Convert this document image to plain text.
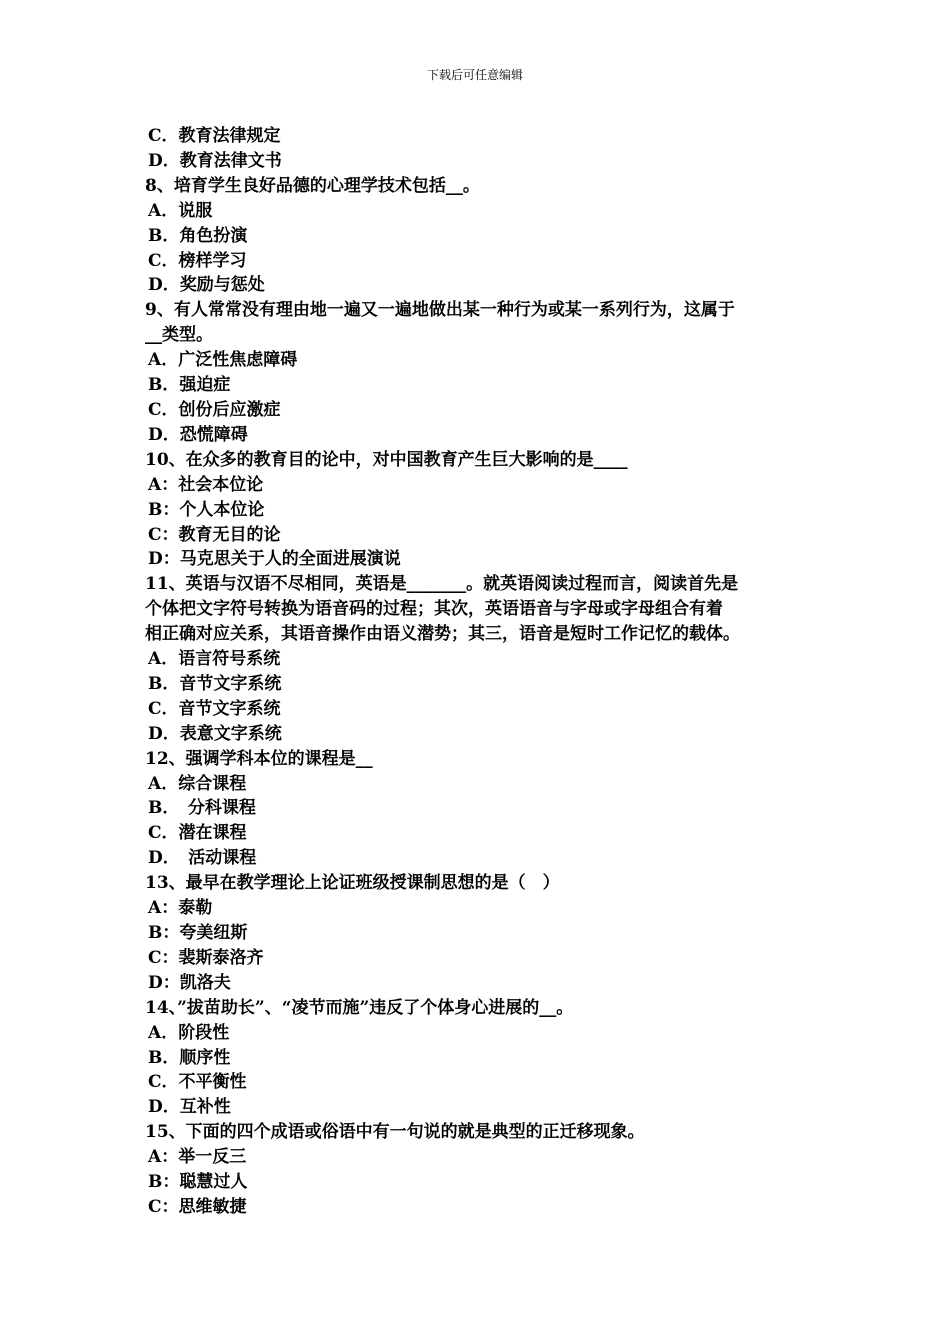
下载后可任意编辑
C．教育法律规定
D．教育法律文书
8、培育学生良好品德的心理学技术包括__。
A．说服
B．角色扮演
C．榜样学习
D．奖励与惩处
9、有人常常没有理由地一遍又一遍地做出某一种行为或某一系列行为，这属于
__类型。
A．广泛性焦虑障碍
B．强迫症
C．创份后应激症
D．恐慌障碍
10、在众多的教育目的论中，对中国教育产生巨大影响的是____
A：社会本位论
B：个人本位论
C：教育无目的论
D：马克思关于人的全面进展演说
11、英语与汉语不尽相同，英语是_______。就英语阅读过程而言，阅读首先是
个体把文字符号转换为语音码的过程；其次，英语语音与字母或字母组合有着
相正确对应关系，其语音操作由语义潜势；其三，语音是短时工作记忆的载体。
A．语言符号系统
B．音节文字系统
C．音节文字系统
D．表意文字系统
12、强调学科本位的课程是__
A．综合课程
B．　分科课程
C．潜在课程
D．　活动课程
13、最早在教学理论上论证班级授课制思想的是（　）
A：泰勒
B：夸美纽斯
C：裴斯泰洛齐
D：凯洛夫
14、”拔苗助长”、“凌节而施”违反了个体身心进展的__。
A．阶段性
B．顺序性
C．不平衡性
D．互补性
15、下面的四个成语或俗语中有一句说的就是典型的正迁移现象。
A：举一反三
B：聪慧过人
C：思维敏捷
